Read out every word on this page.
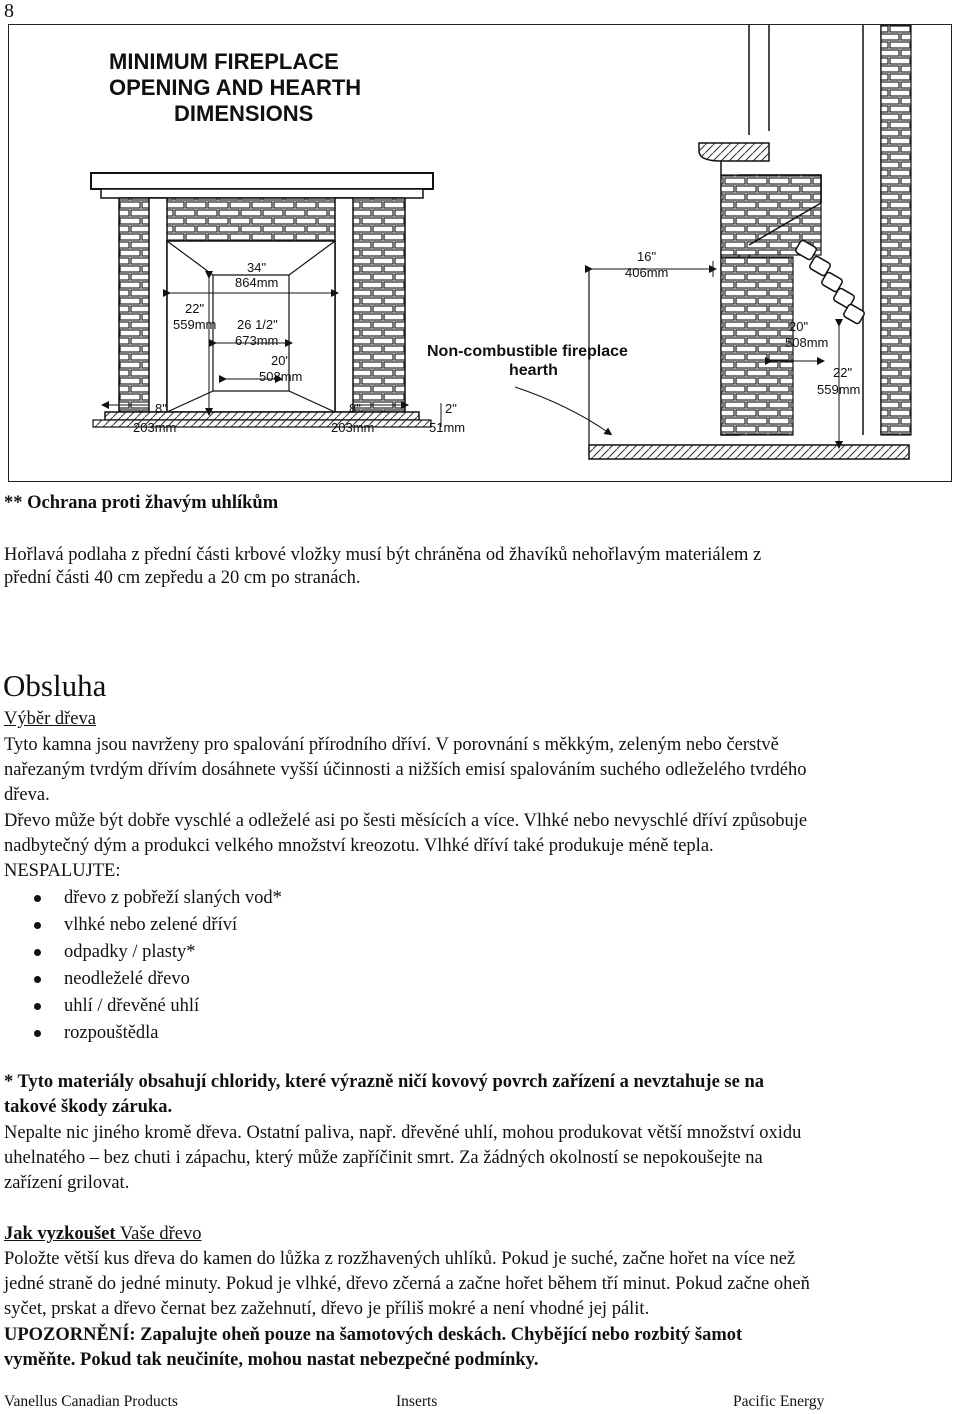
8
MINIMUM FIREPLACE
OPENING AND HEARTH
DIMENSIONS
34"
864mm
22"
559mm 26 1/2"
673mm
20"
508mm
8"
203mm
8"
203mm
2"
51mm
16"
406mm
Non-combustible fireplace
hearth
20"
508mm
22"
559mm
** Ochrana proti žhavým uhlíkům
Hořlavá podlaha z přední části krbové vložky musí být chráněna od žhavíků nehořlavým materiálem z
přední části 40 cm zepředu a 20 cm po stranách.
Obsluha
Výběr dřeva
Tyto kamna jsou navrženy pro spalování přírodního dříví. V porovnání s měkkým, zeleným nebo čerstvě
nařezaným tvrdým dřívím dosáhnete vyšší účinnosti a nižších emisí spalováním suchého odleželého tvrdého
dřeva.
Dřevo může být dobře vyschlé a odleželé asi po šesti měsících a více. Vlhké nebo nevyschlé dříví způsobuje
nadbytečný dým a produkci velkého množství kreozotu. Vlhké dříví také produkuje méně tepla.
NESPALUJTE:
dřevo z pobřeží slaných vod*
vlhké nebo zelené dříví
odpadky / plasty*
neodleželé dřevo
uhlí / dřevěné uhlí
rozpouštědla
* Tyto materiály obsahují chloridy, které výrazně ničí kovový povrch zařízení a nevztahuje se na
takové škody záruka.
Nepalte nic jiného kromě dřeva. Ostatní paliva, např. dřevěné uhlí, mohou produkovat větší množství oxidu
uhelnatého – bez chuti i zápachu, který může zapříčinit smrt. Za žádných okolností se nepokoušejte na
zařízení grilovat.
Jak vyzkoušet Vaše dřevo
Položte větší kus dřeva do kamen do lůžka z rozžhavených uhlíků. Pokud je suché, začne hořet na více než
jedné straně do jedné minuty. Pokud je vlhké, dřevo zčerná a začne hořet během tří minut. Pokud začne oheň
syčet, prskat a dřevo černat bez zažehnutí, dřevo je příliš mokré a není vhodné jej pálit.
UPOZORNĚNÍ: Zapalujte oheň pouze na šamotových deskách. Chybějící nebo rozbitý šamot
vyměňte. Pokud tak neučiníte, mohou nastat nebezpečné podmínky.
Vanellus Canadian Products	Inserts	Pacific Energy
